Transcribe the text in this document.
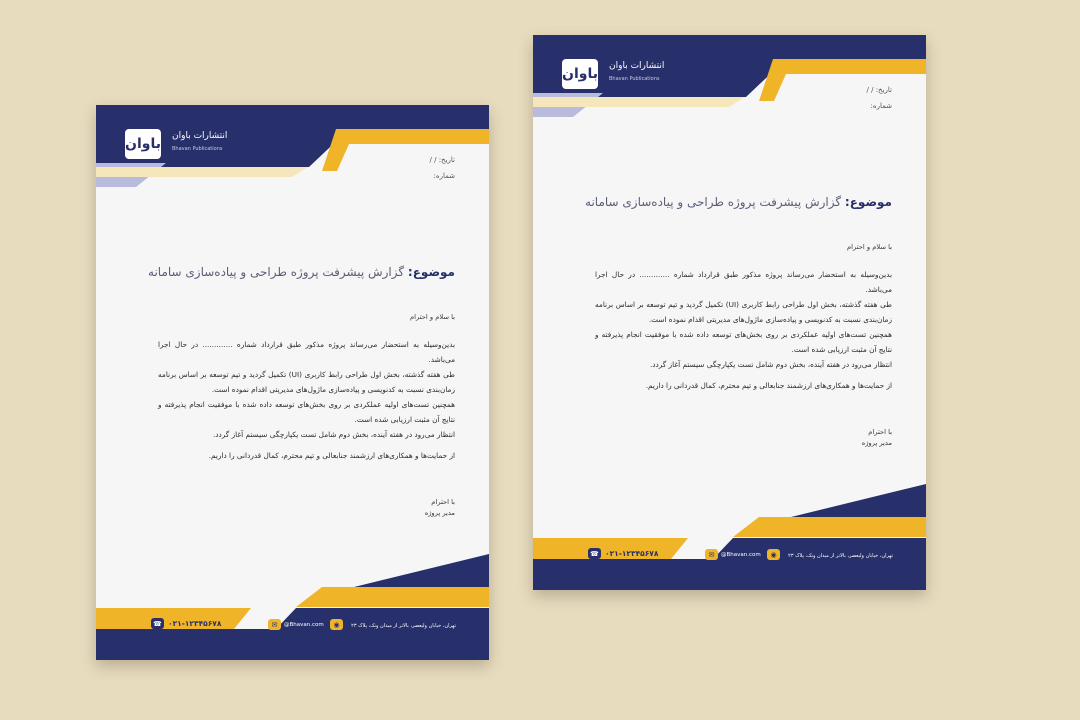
باوان انتشارات باوان
Bhavan Publications
تاریخ: / /
شماره:
موضوع: گزارش پیشرفت پروژه طراحی و پیاده‌سازی سامانه
با سلام و احترام

بدین‌وسیله به استحضار می‌رساند پروژه مذکور طبق قرارداد شماره ............. در حال اجرا می‌باشد.

طی هفته گذشته، بخش اول طراحی رابط کاربری (UI) تکمیل گردید و تیم توسعه بر اساس برنامه زمان‌بندی نسبت به کدنویسی و پیاده‌سازی ماژول‌های مدیریتی اقدام نموده است.

همچنین تست‌های اولیه عملکردی بر روی بخش‌های توسعه داده شده با موفقیت انجام پذیرفته و نتایج آن مثبت ارزیابی شده است.

انتظار می‌رود در هفته آینده، بخش دوم شامل تست یکپارچگی سیستم آغاز گردد.

از حمایت‌ها و همکاری‌های ارزشمند جنابعالی و تیم محترم، کمال قدردانی را داریم.

با احترام
مدیر پروژه
تهران، خیابان ولیعصر، بالاتر از میدان ونک، پلاک ۲۳
◉
@Bhavan.com
✉
۰۲۱-۱۲۳۴۵۶۷۸
☎
باوان انتشارات باوان
Bhavan Publications
تاریخ: / /
شماره:
موضوع: گزارش پیشرفت پروژه طراحی و پیاده‌سازی سامانه
با سلام و احترام

بدین‌وسیله به استحضار می‌رساند پروژه مذکور طبق قرارداد شماره ............. در حال اجرا می‌باشد.

طی هفته گذشته، بخش اول طراحی رابط کاربری (UI) تکمیل گردید و تیم توسعه بر اساس برنامه زمان‌بندی نسبت به کدنویسی و پیاده‌سازی ماژول‌های مدیریتی اقدام نموده است.

همچنین تست‌های اولیه عملکردی بر روی بخش‌های توسعه داده شده با موفقیت انجام پذیرفته و نتایج آن مثبت ارزیابی شده است.

انتظار می‌رود در هفته آینده، بخش دوم شامل تست یکپارچگی سیستم آغاز گردد.

از حمایت‌ها و همکاری‌های ارزشمند جنابعالی و تیم محترم، کمال قدردانی را داریم.

با احترام
مدیر پروژه
تهران، خیابان ولیعصر، بالاتر از میدان ونک، پلاک ۲۳
◉
@Bhavan.com
✉
۰۲۱-۱۲۳۴۵۶۷۸
☎
